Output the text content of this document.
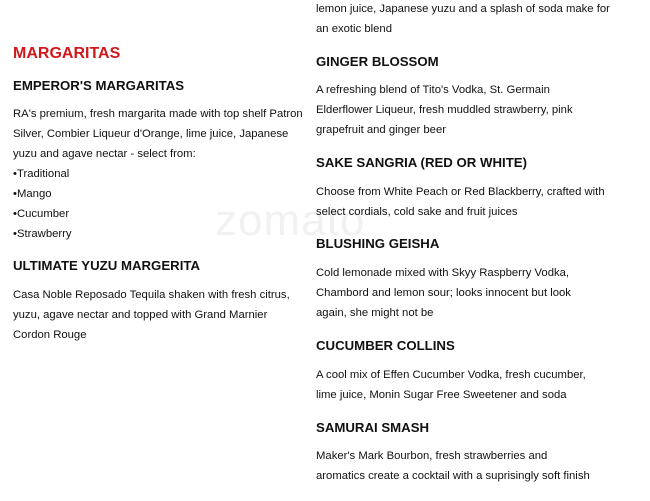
zomato
MARGARITAS
EMPEROR'S MARGARITAS

RA's premium, fresh margarita made with top shelf Patron Silver, Combier Liqueur d'Orange, lime juice, Japanese yuzu and agave nectar - select from:

• Traditional
• Mango
• Cucumber
• Strawberry
ULTIMATE YUZU MARGERITA

Casa Noble Reposado Tequila shaken with fresh citrus, yuzu, agave nectar and topped with Grand Marnier Cordon Rouge

lemon juice, Japanese yuzu and a splash of soda make for an exotic blend

GINGER BLOSSOM

A refreshing blend of Tito's Vodka, St. Germain Elderflower Liqueur, fresh muddled strawberry, pink grapefruit and ginger beer

SAKE SANGRIA (RED OR WHITE)

Choose from White Peach or Red Blackberry, crafted with select cordials, cold sake and fruit juices

BLUSHING GEISHA

Cold lemonade mixed with Skyy Raspberry Vodka, Chambord and lemon sour; looks innocent but look again, she might not be

CUCUMBER COLLINS

A cool mix of Effen Cucumber Vodka, fresh cucumber, lime juice, Monin Sugar Free Sweetener and soda

SAMURAI SMASH

Maker's Mark Bourbon, fresh strawberries and aromatics create a cocktail with a suprisingly soft finish
